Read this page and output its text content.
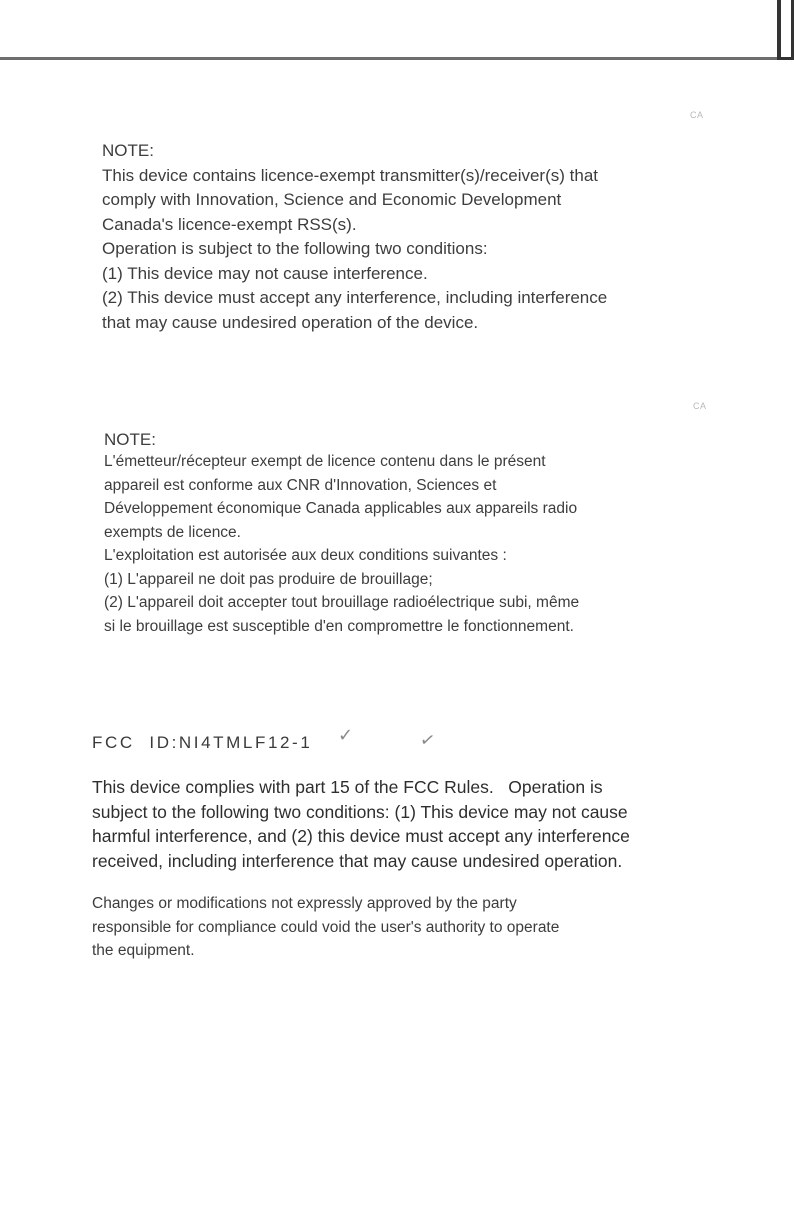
CA

NOTE:

This device contains licence-exempt transmitter(s)/receiver(s) that

comply with Innovation, Science and Economic Development

Canada's licence-exempt RSS(s).

Operation is subject to the following two conditions:

(1) This device may not cause interference.

(2) This device must accept any interference, including interference

that may cause undesired operation of the device.

CA

NOTE:

L'émetteur/récepteur exempt de licence contenu dans le présent

appareil est conforme aux CNR d'Innovation, Sciences et

Développement économique Canada applicables aux appareils radio

exempts de licence.

L'exploitation est autorisée aux deux conditions suivantes :

(1) L'appareil ne doit pas produire de brouillage;

(2) L'appareil doit accepter tout brouillage radioélectrique subi, même

si le brouillage est susceptible d'en compromettre le fonctionnement.

FCC  ID:NI4TMLF12-1 ✓	✓

This device complies with part 15 of the FCC Rules.   Operation is

subject to the following two conditions: (1) This device may not cause

harmful interference, and (2) this device must accept any interference

received, including interference that may cause undesired operation.

Changes or modifications not expressly approved by the party

responsible for compliance could void the user's authority to operate

the equipment.
